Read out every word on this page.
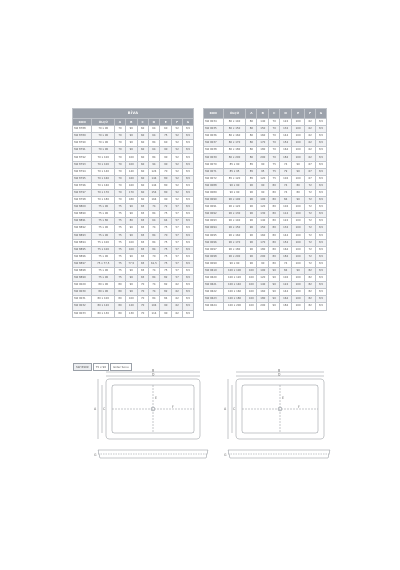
BİVA								
KOD	ÖLÇÜ	A	B	C	D	E	F	G
SW 8788	70 x 90	70	90	60	64	60	52	8,5
SW 8789	70 x 90	70	90	60	64	75	52	8,5
SW 8790	70 x 90	70	90	60	84	60	52	8,5
SW 8791	70 x 90	70	90	60	64	90	52	8,5
SW 8792	70 x 100	70	100	60	84	90	52	8,5
SW 8793	70 x 100	70	100	60	94	90	52	8,5
SW 8794	70 x 140	70	140	60	124	70	52	8,5
SW 8795	70 x 160	70	160	60	144	80	52	8,5
SW 8796	70 x 160	70	160	60	144	80	52	8,5
SW 8797	70 x 170	70	170	60	154	80	52	8,5
SW 8798	70 x 180	70	180	60	164	90	52	8,5
SW 8809	75 x 90	75	90	65	74	72	57	8,5
SW 8890	75 x 90	75	90	65	84	75	57	8,5
SW 8891	75 x 80	75	80	65	64	64	57	8,5
SW 8892	75 x 90	75	90	65	74	75	57	8,5
SW 8893	75 x 90	75	90	65	84	70	57	8,5
SW 8894	75 x 100	75	100	65	84	75	57	8,5
SW 8895	75 x 100	75	100	65	84	75	57	8,5
SW 8896	75 x 90	75	90	65	70	75	57	8,5
SW 8897	75 x 77,5	75	77,5	65	61,5	75	57	8,5
SW 8898	75 x 90	75	90	65	74	75	57	8,5
SW 8899	75 x 90	75	90	65	84	82	57	8,5
SW 9029	80 x 90	80	90	70	74	82	62	8,5
SW 9030	80 x 90	80	90	70	74	82	62	8,5
SW 9031	80 x 100	80	100	70	84	84	62	8,5
SW 9032	80 x 120	80	120	70	104	90	62	8,5
SW 9033	80 x 130	80	130	70	114	90	62	8,5
KOD	ÖLÇÜ	A	B	C	D	E	F	G
SW 9034	80 x 140	80	140	70	124	100	62	8,5
SW 9035	80 x 150	80	150	70	134	100	62	8,5
SW 9036	80 x 160	80	160	70	144	100	62	8,5
SW 9037	80 x 170	80	170	70	154	100	62	8,5
SW 9038	80 x 180	80	180	70	164	100	62	8,5
SW 9039	80 x 200	80	200	70	184	100	62	8,5
SW 9070	85 x 90	85	90	75	74	90	67	8,5
SW 9071	85 x 95	85	95	75	79	90	67	8,5
SW 9072	85 x 120	85	120	75	104	100	67	8,5
SW 9088	90 x 90	90	90	80	74	80	72	8,5
SW 9089	90 x 90	90	90	80	74	80	72	8,5
SW 9090	90 x 100	90	100	80	84	90	72	8,5
SW 9091	90 x 120	90	120	80	104	100	72	8,5
SW 9092	90 x 130	90	130	80	114	100	72	8,5
SW 9093	90 x 140	90	140	80	124	100	72	8,5
SW 9094	90 x 150	90	150	80	134	100	72	8,5
SW 9095	90 x 160	90	160	80	144	100	72	8,5
SW 9096	90 x 170	90	170	80	154	100	72	8,5
SW 9097	90 x 180	90	180	80	164	100	72	8,5
SW 9098	90 x 200	90	200	80	184	100	72	8,5
SW 9099	90 x 90	90	90	80	74	100	72	8,5
SW 9619	100 x 100	100	100	90	84	90	82	8,5
SW 9620	100 x 120	100	120	90	104	100	82	8,5
SW 9621	100 x 140	100	140	90	124	100	82	8,5
SW 9622	100 x 160	100	160	90	144	100	82	8,5
SW 9623	100 x 180	100	180	90	164	100	82	8,5
SW 9624	100 x 200	100	200	90	184	100	82	8,5
SW 8909	75 x 90	Gider Sonu
B
D
A C
E
F
G
B
D
A C
E
F
G
